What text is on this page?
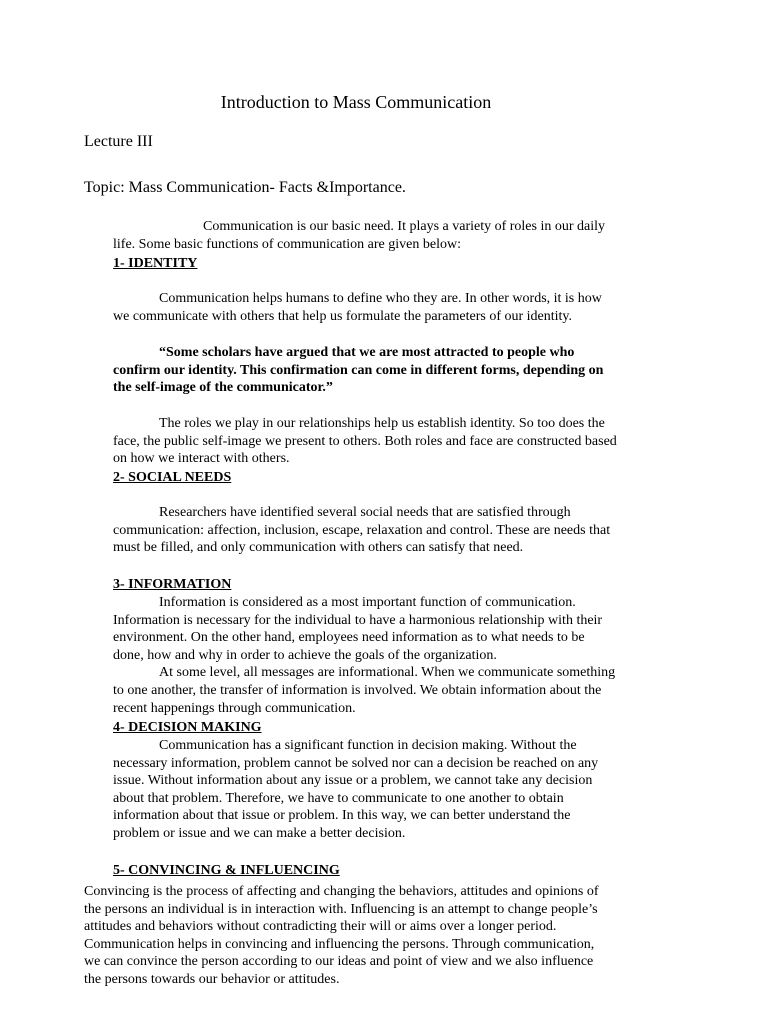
Introduction to Mass Communication
Lecture III
Topic: Mass Communication- Facts &Importance.
Communication is our basic need. It plays a variety of roles in our daily
life. Some basic functions of communication are given below:
1- IDENTITY
Communication helps humans to define who they are. In other words, it is how
we communicate with others that help us formulate the parameters of our identity.
“Some scholars have argued that we are most attracted to people who
confirm our identity. This confirmation can come in different forms, depending on
the self-image of the communicator.”
The roles we play in our relationships help us establish identity. So too does the
face, the public self-image we present to others. Both roles and face are constructed based
on how we interact with others.
2- SOCIAL NEEDS
Researchers have identified several social needs that are satisfied through
communication: affection, inclusion, escape, relaxation and control. These are needs that
must be filled, and only communication with others can satisfy that need.
3- INFORMATION
Information is considered as a most important function of communication.
Information is necessary for the individual to have a harmonious relationship with their
environment. On the other hand, employees need information as to what needs to be
done, how and why in order to achieve the goals of the organization.
At some level, all messages are informational. When we communicate something
to one another, the transfer of information is involved. We obtain information about the
recent happenings through communication.
4- DECISION MAKING
Communication has a significant function in decision making. Without the
necessary information, problem cannot be solved nor can a decision be reached on any
issue. Without information about any issue or a problem, we cannot take any decision
about that problem. Therefore, we have to communicate to one another to obtain
information about that issue or problem. In this way, we can better understand the
problem or issue and we can make a better decision.
5- CONVINCING & INFLUENCING
Convincing is the process of affecting and changing the behaviors, attitudes and opinions of
the persons an individual is in interaction with. Influencing is an attempt to change people’s
attitudes and behaviors without contradicting their will or aims over a longer period.
Communication helps in convincing and influencing the persons. Through communication,
we can convince the person according to our ideas and point of view and we also influence
the persons towards our behavior or attitudes.
